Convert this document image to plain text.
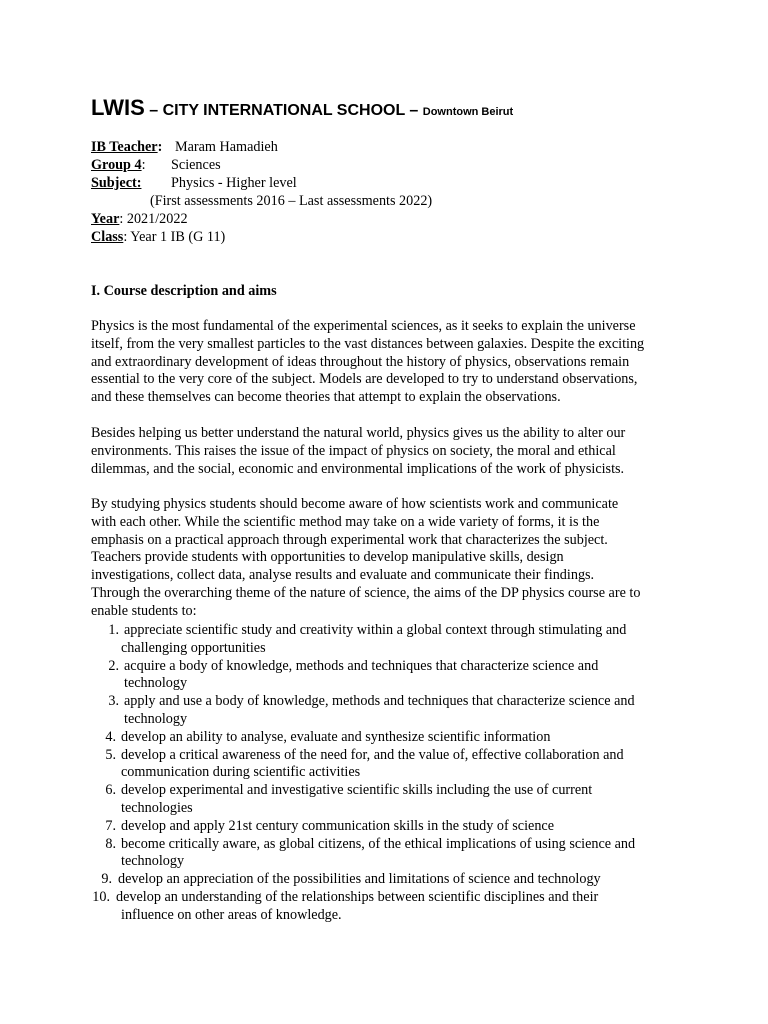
LWIS – CITY INTERNATIONAL SCHOOL – Downtown Beirut
IB Teacher: Maram Hamadieh
Group 4: Sciences
Subject: Physics - Higher level
(First assessments 2016 – Last assessments 2022)
Year: 2021/2022
Class: Year 1 IB (G 11)
I. Course description and aims
Physics is the most fundamental of the experimental sciences, as it seeks to explain the universe
itself, from the very smallest particles to the vast distances between galaxies. Despite the exciting
and extraordinary development of ideas throughout the history of physics, observations remain
essential to the very core of the subject. Models are developed to try to understand observations,
and these themselves can become theories that attempt to explain the observations.
Besides helping us better understand the natural world, physics gives us the ability to alter our
environments. This raises the issue of the impact of physics on society, the moral and ethical
dilemmas, and the social, economic and environmental implications of the work of physicists.
By studying physics students should become aware of how scientists work and communicate
with each other. While the scientific method may take on a wide variety of forms, it is the
emphasis on a practical approach through experimental work that characterizes the subject.
Teachers provide students with opportunities to develop manipulative skills, design
investigations, collect data, analyse results and evaluate and communicate their findings.
Through the overarching theme of the nature of science, the aims of the DP physics course are to
enable students to:
1. appreciate scientific study and creativity within a global context through stimulating and
challenging opportunities
2. acquire a body of knowledge, methods and techniques that characterize science and
technology
3. apply and use a body of knowledge, methods and techniques that characterize science and
technology
4. develop an ability to analyse, evaluate and synthesize scientific information
5. develop a critical awareness of the need for, and the value of, effective collaboration and
communication during scientific activities
6. develop experimental and investigative scientific skills including the use of current
technologies
7. develop and apply 21st century communication skills in the study of science
8. become critically aware, as global citizens, of the ethical implications of using science and
technology
9. develop an appreciation of the possibilities and limitations of science and technology
10. develop an understanding of the relationships between scientific disciplines and their
influence on other areas of knowledge.
